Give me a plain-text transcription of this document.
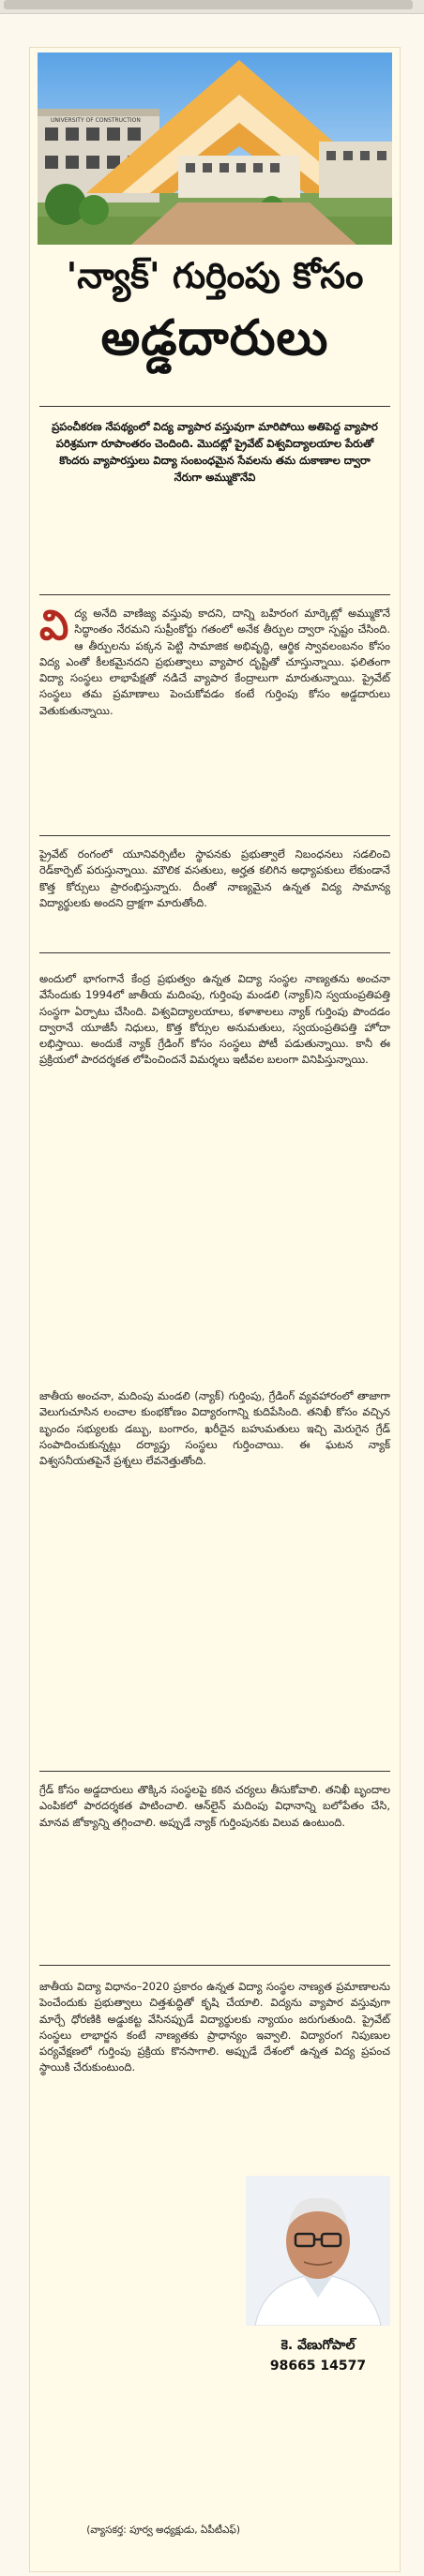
UNIVERSITY OF CONSTRUCTION
'న్యాక్' గుర్తింపు కోసం
అడ్డదారులు
ప్రపంచీకరణ నేపథ్యంలో విద్య వ్యాపార వస్తువుగా మారిపోయి అతిపెద్ద వ్యాపార పరిశ్రమగా రూపాంతరం చెందింది. మొదట్లో ప్రైవేట్ విశ్వవిద్యాలయాల పేరుతో కొందరు వ్యాపారస్తులు విద్యా సంబంధమైన సేవలను తమ దుకాణాల ద్వారా నేరుగా అమ్ముకొనేవి
విద్య అనేది వాణిజ్య వస్తువు కాదని, దాన్ని బహిరంగ మార్కెట్లో అమ్ముకొనే సిద్ధాంతం నేరమని సుప్రీంకోర్టు గతంలో అనేక తీర్పుల ద్వారా స్పష్టం చేసింది. ఆ తీర్పులను పక్కన పెట్టి సామాజిక అభివృద్ధి, ఆర్థిక స్వావలంబనం కోసం విద్య ఎంతో కీలకమైనదని ప్రభుత్వాలు వ్యాపార దృష్టితో చూస్తున్నాయి. ఫలితంగా విద్యా సంస్థలు లాభాపేక్షతో నడిచే వ్యాపార కేంద్రాలుగా మారుతున్నాయి. ప్రైవేట్ సంస్థలు తమ ప్రమాణాలు పెంచుకోవడం కంటే గుర్తింపు కోసం అడ్డదారులు వెతుకుతున్నాయి.
ప్రైవేట్ రంగంలో యూనివర్సిటీల స్థాపనకు ప్రభుత్వాలే నిబంధనలు సడలించి రెడ్‌కార్పెట్ పరుస్తున్నాయి. మౌలిక వసతులు, అర్హత కలిగిన అధ్యాపకులు లేకుండానే కొత్త కోర్సులు ప్రారంభిస్తున్నారు. దీంతో నాణ్యమైన ఉన్నత విద్య సామాన్య విద్యార్థులకు అందని ద్రాక్షగా మారుతోంది.
అందులో భాగంగానే కేంద్ర ప్రభుత్వం ఉన్నత విద్యా సంస్థల నాణ్యతను అంచనా వేసేందుకు 1994లో జాతీయ మదింపు, గుర్తింపు మండలి (న్యాక్)ని స్వయంప్రతిపత్తి సంస్థగా ఏర్పాటు చేసింది. విశ్వవిద్యాలయాలు, కళాశాలలు న్యాక్ గుర్తింపు పొందడం ద్వారానే యూజీసీ నిధులు, కొత్త కోర్సుల అనుమతులు, స్వయంప్రతిపత్తి హోదా లభిస్తాయి. అందుకే న్యాక్ గ్రేడింగ్ కోసం సంస్థలు పోటీ పడుతున్నాయి. కానీ ఈ ప్రక్రియలో పారదర్శకత లోపించిందనే విమర్శలు ఇటీవల బలంగా వినిపిస్తున్నాయి.
జాతీయ అంచనా, మదింపు మండలి (న్యాక్) గుర్తింపు, గ్రేడింగ్ వ్యవహారంలో తాజాగా వెలుగుచూసిన లంచాల కుంభకోణం విద్యారంగాన్ని కుదిపేసింది. తనిఖీ కోసం వచ్చిన బృందం సభ్యులకు డబ్బు, బంగారం, ఖరీదైన బహుమతులు ఇచ్చి మెరుగైన గ్రేడ్ సంపాదించుకున్నట్లు దర్యాప్తు సంస్థలు గుర్తించాయి. ఈ ఘటన న్యాక్ విశ్వసనీయతపైనే ప్రశ్నలు లేవనెత్తుతోంది.
గ్రేడ్ కోసం అడ్డదారులు తొక్కిన సంస్థలపై కఠిన చర్యలు తీసుకోవాలి. తనిఖీ బృందాల ఎంపికలో పారదర్శకత పాటించాలి. ఆన్‌లైన్ మదింపు విధానాన్ని బలోపేతం చేసి, మానవ జోక్యాన్ని తగ్గించాలి. అప్పుడే న్యాక్ గుర్తింపునకు విలువ ఉంటుంది.
జాతీయ విద్యా విధానం–2020 ప్రకారం ఉన్నత విద్యా సంస్థల నాణ్యత ప్రమాణాలను పెంచేందుకు ప్రభుత్వాలు చిత్తశుద్ధితో కృషి చేయాలి. విద్యను వ్యాపార వస్తువుగా మార్చే ధోరణికి అడ్డుకట్ట వేసినప్పుడే విద్యార్థులకు న్యాయం జరుగుతుంది. ప్రైవేట్ సంస్థలు లాభార్జన కంటే నాణ్యతకు ప్రాధాన్యం ఇవ్వాలి. విద్యారంగ నిపుణుల పర్యవేక్షణలో గుర్తింపు ప్రక్రియ కొనసాగాలి. అప్పుడే దేశంలో ఉన్నత విద్య ప్రపంచ స్థాయికి చేరుకుంటుంది.
కె. వేణుగోపాల్
98665 14577
(వ్యాసకర్త: పూర్వ అధ్యక్షుడు, ఏపీటీఎఫ్)
